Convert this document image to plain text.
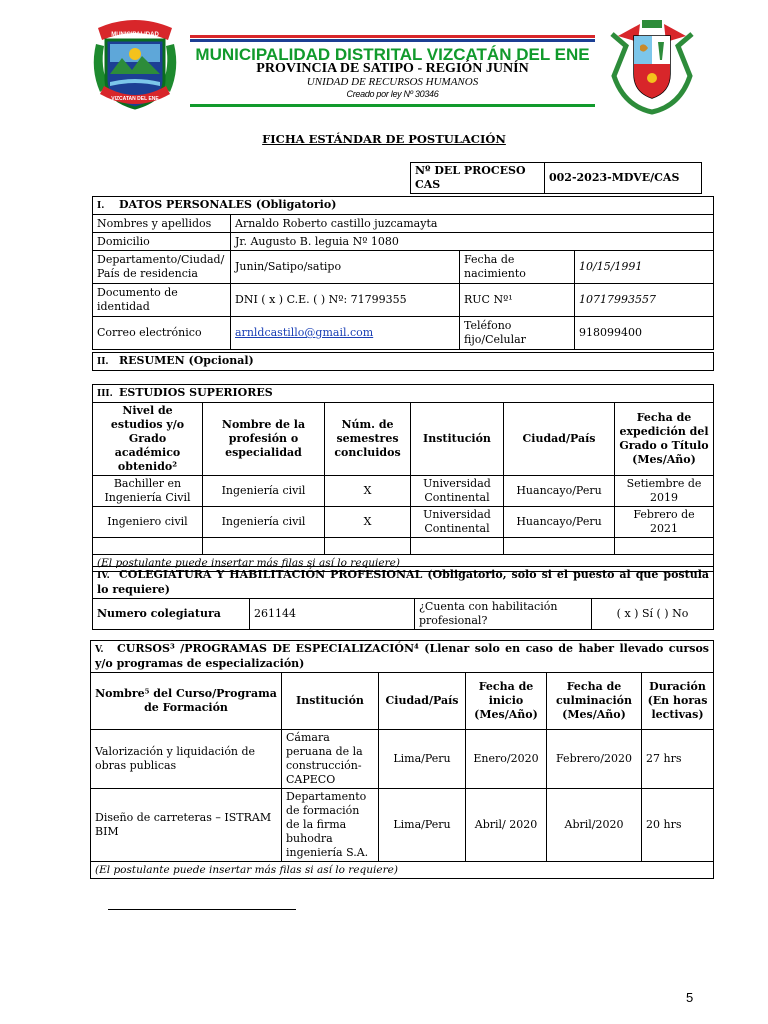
MUNICIPALIDAD
VIZCATAN DEL ENE
MUNICIPALIDAD DISTRITAL VIZCATÁN DEL ENE
PROVINCIA DE SATIPO - REGIÓN JUNÍN
UNIDAD DE RECURSOS HUMANOS
Creado por ley Nº 30346
FICHA ESTÁNDAR DE POSTULACIÓN
Nº DEL PROCESO CAS	002-2023-MDVE/CAS
I. DATOS PERSONALES (Obligatorio)			
Nombres y apellidos	Arnaldo Roberto castillo juzcamayta		
Domicilio	Jr. Augusto B. leguia Nº 1080		
Departamento/Ciudad/ País de residencia	Junin/Satipo/satipo	Fecha de nacimiento	10/15/1991
Documento de identidad	DNI ( x ) C.E. ( ) Nº: 71799355	RUC Nº¹	10717993557
Correo electrónico	arnldcastillo@gmail.com	Teléfono fijo/Celular	918099400
II. RESUMEN (Opcional)
III. ESTUDIOS SUPERIORES					
Nivel de estudios y/o Grado académico obtenido²	Nombre de la profesión o especialidad	Núm. de semestres concluidos	Institución	Ciudad/País	Fecha de expedición del Grado o Título (Mes/Año)
Bachiller en Ingeniería Civil	Ingeniería civil	X	Universidad Continental	Huancayo/Peru	Setiembre de 2019
Ingeniero civil	Ingeniería civil	X	Universidad Continental	Huancayo/Peru	Febrero de 2021

(El postulante puede insertar más filas si así lo requiere)					
IV. COLEGIATURA Y HABILITACIÓN PROFESIONAL (Obligatorio, solo si el puesto al que postula lo requiere)
Numero colegiatura	261144	¿Cuenta con habilitación profesional?	( x ) Sí ( ) No
V. CURSOS³ /PROGRAMAS DE ESPECIALIZACIÓN⁴ (Llenar solo en caso de haber llevado cursos y/o programas de especialización)					
Nombre⁵ del Curso/Programa de Formación	Institución	Ciudad/País	Fecha de inicio (Mes/Año)	Fecha de culminación (Mes/Año)	Duración (En horas lectivas)
Valorización y liquidación de obras publicas	Cámara peruana de la construcción- CAPECO	Lima/Peru	Enero/2020	Febrero/2020	27 hrs
Diseño de carreteras – ISTRAM BIM	Departamento de formación de la firma buhodra ingeniería S.A.	Lima/Peru	Abril/ 2020	Abril/2020	20 hrs
(El postulante puede insertar más filas si así lo requiere)					
5
